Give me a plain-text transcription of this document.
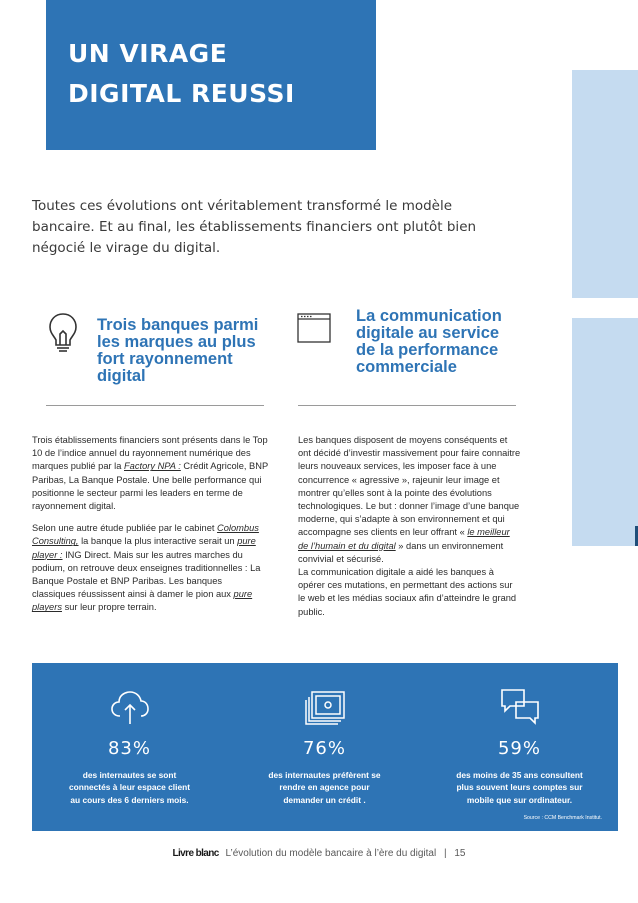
UN VIRAGE
DIGITAL REUSSI

Toutes ces évolutions ont véritablement transformé le modèle bancaire. Et au final, les établissements financiers ont plutôt bien négocié le virage du digital.

Trois banques parmi les marques au plus fort rayonnement digital

Trois établissements financiers sont présents dans le Top 10 de l’indice annuel du rayonnement numérique des marques publié par la Factory NPA : Crédit Agricole, BNP Paribas, La Banque Postale. Une belle performance qui positionne le secteur parmi les leaders en terme de rayonnement digital.

Selon une autre étude publiée par le cabinet Colombus Consulting, la banque la plus interactive serait un pure player : ING Direct. Mais sur les autres marches du podium, on retrouve deux enseignes traditionnelles : La Banque Postale et BNP Paribas. Les banques classiques réussissent ainsi à damer le pion aux pure players sur leur propre terrain.

La communication digitale au service de la performance commerciale

Les banques disposent de moyens conséquents et ont décidé d’investir massivement pour faire connaitre leurs nouveaux services, les imposer face à une concurrence « agressive », rajeunir leur image et montrer qu’elles sont à la pointe des évolutions technologiques. Le but : donner l’image d’une banque moderne, qui s’adapte à son environnement et qui accompagne ses clients en leur offrant « le meilleur de l’humain et du digital » dans un environnement convivial et sécurisé.
La communication digitale a aidé les banques à opérer ces mutations, en permettant des actions sur le web et les médias sociaux afin d’atteindre le grand public.

83%
des internautes se sont
connectés à leur espace client
au cours des 6 derniers mois.
76%
des internautes préfèrent se
rendre en agence pour
demander un crédit .
59%
des moins de 35 ans consultent
plus souvent leurs comptes sur
mobile que sur ordinateur.
Source : CCM Benchmark Institut.
Livre blanc L’évolution du modèle bancaire à l’ère du digital | 15
